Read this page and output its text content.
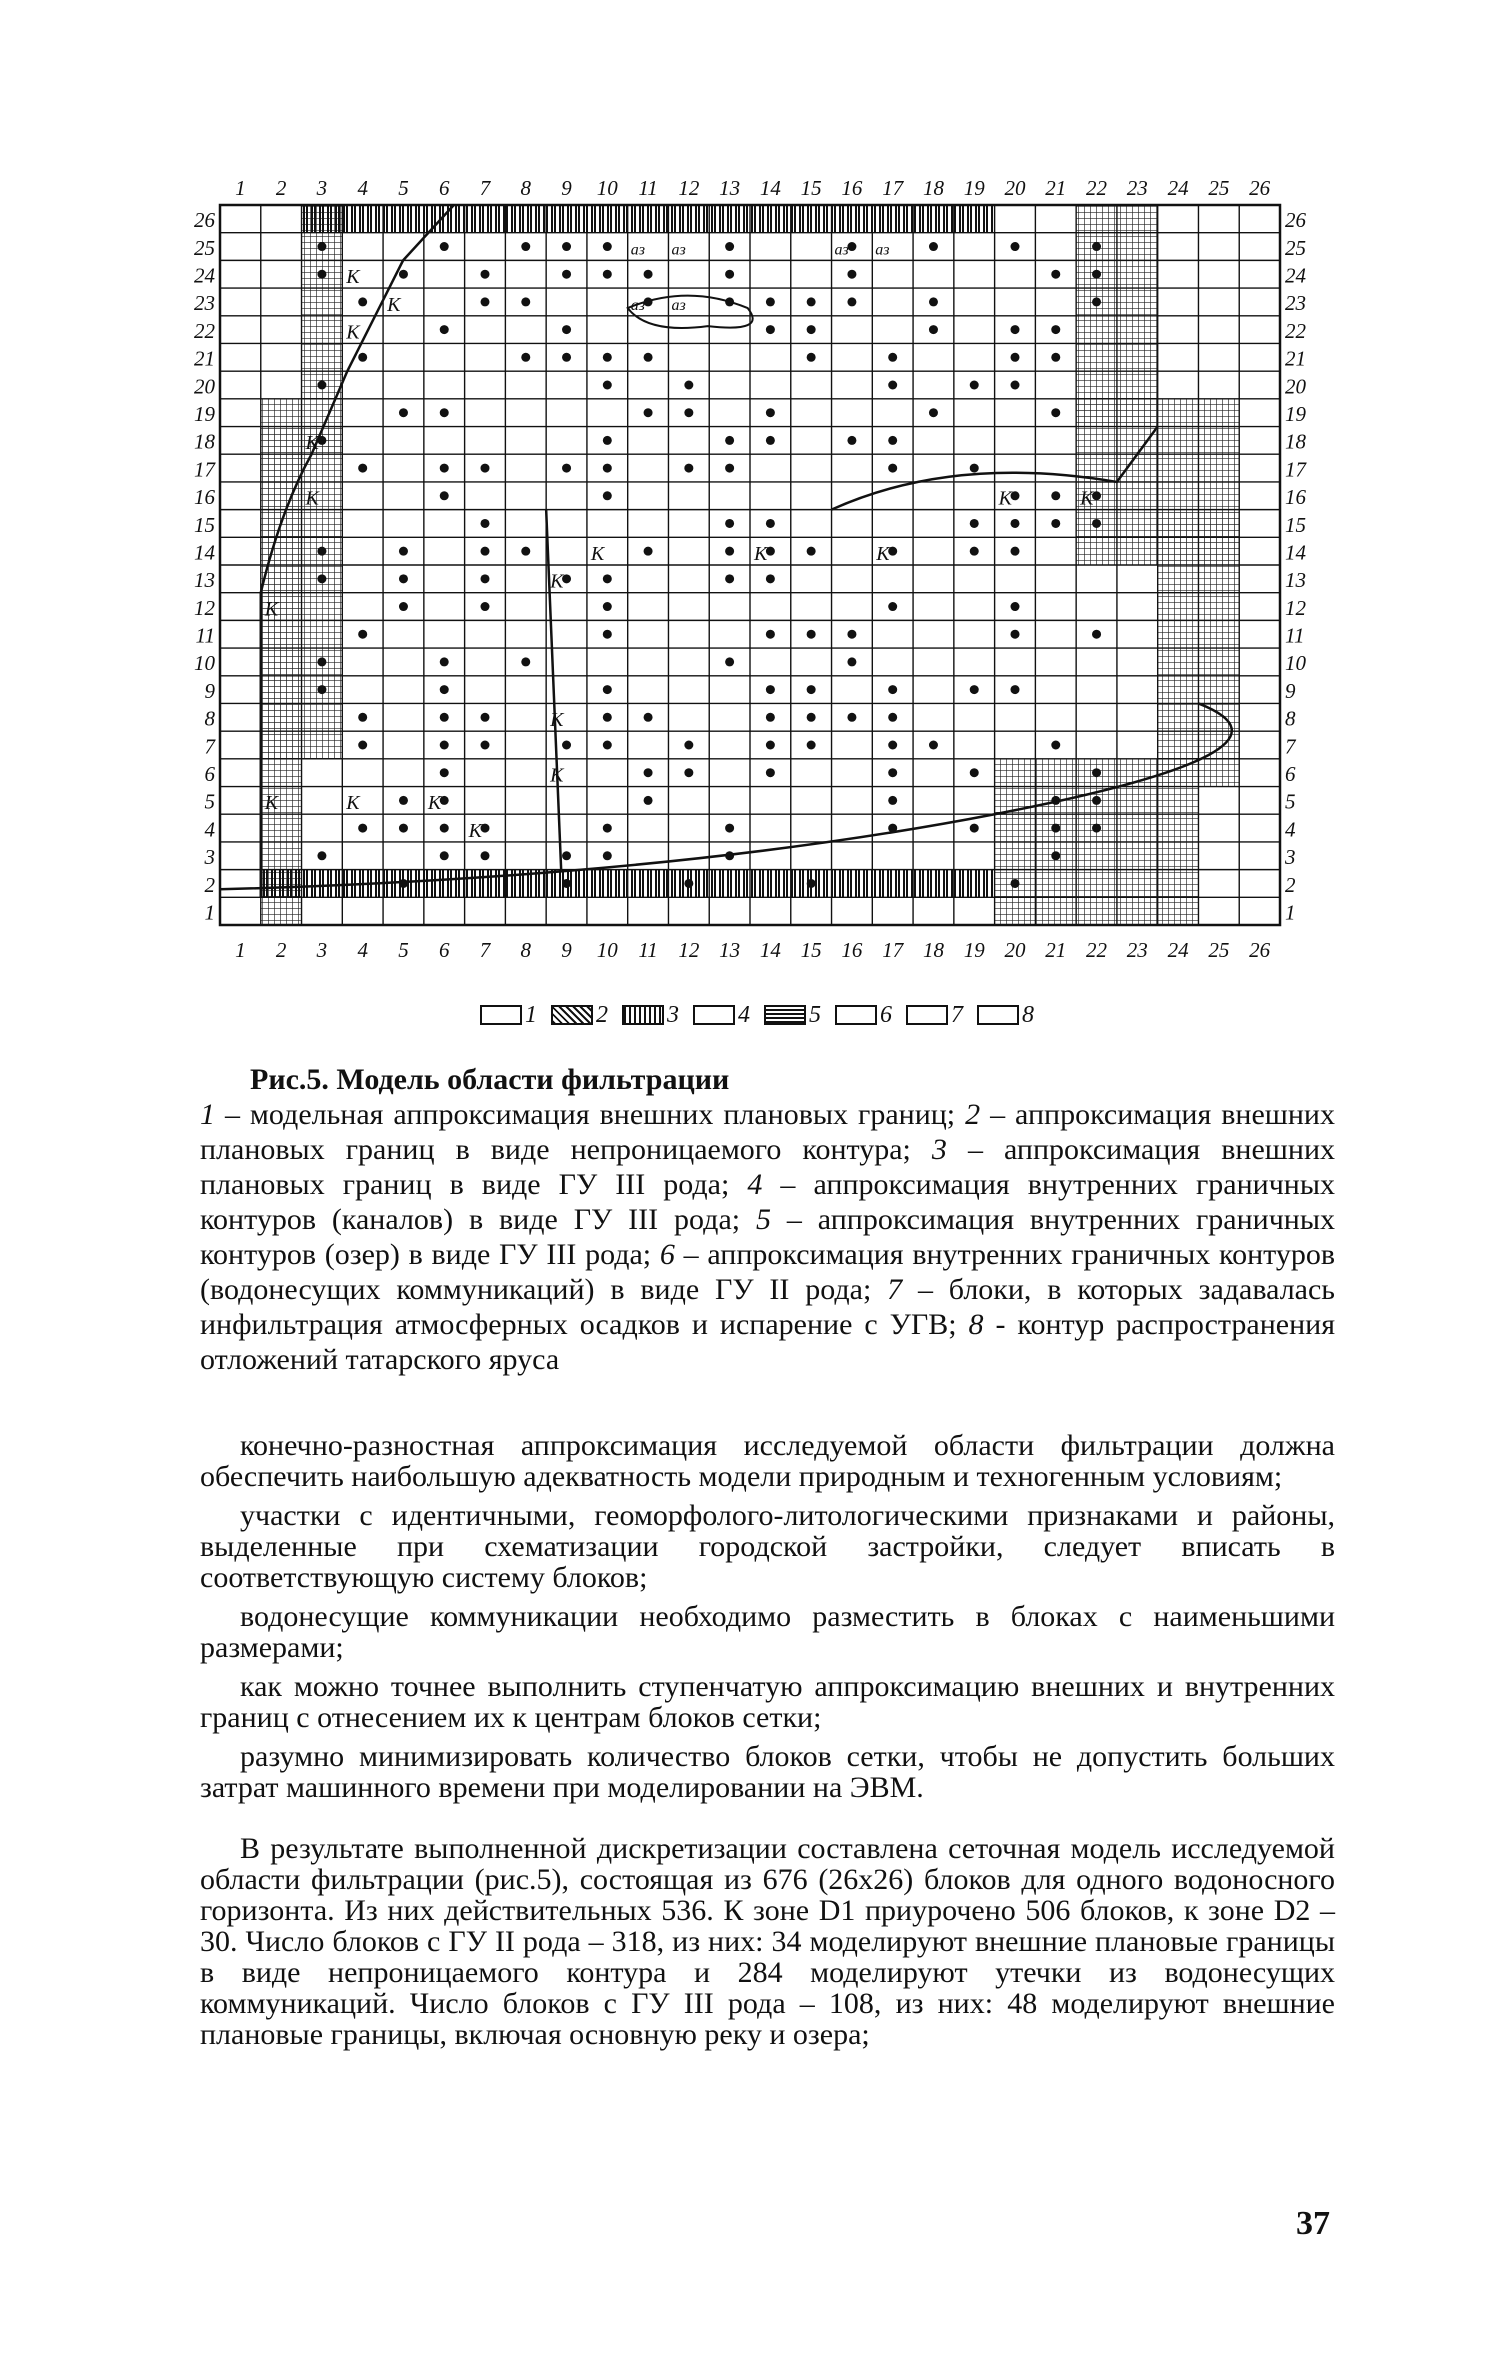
К
К
К
К
К
К
К	К	К
К
К
К
К
К	К	К
К	К
аз аз	аз аз
аз аз
1 2 3 4 5 6 7 8 9 10 11 12 13 14 15 16 17 18 19 20 21 22 23 24 25 26
1 2 3 4 5 6 7 8 9 10 11 12 13 14 15 16 17 18 19 20 21 22 23 24 25 26
26
25
24
23
22
21
20
19
18
17
16
15
14
13
12
11
10
9
8
7
6
5
4
3
2
1
26
25
24
23
22
21
20
19
18
17
16
15
14
13
12
11
10
9
8
7
6
5
4
3
2
1
1 2 3 4 5 6 7 8
Рис.5. Модель области фильтрации
1 – модельная аппроксимация внешних плановых границ; 2 – аппроксимация внешних плановых границ в виде непроницаемого контура; 3 – аппроксимация внешних плановых границ в виде ГУ III рода; 4 – аппроксимация внутренних граничных контуров (каналов) в виде ГУ III рода; 5 – аппроксимация внутренних граничных контуров (озер) в виде ГУ III рода; 6 – аппроксимация внутренних граничных контуров (водонесущих коммуникаций) в виде ГУ II рода; 7 – блоки, в которых задавалась инфильтрация атмосферных осадков и испарение с УГВ; 8 - контур распространения отложений татарского яруса

конечно-разностная аппроксимация исследуемой области фильтрации должна обеспечить наибольшую адекватность модели природным и техногенным условиям;

участки с идентичными, геоморфолого-литологическими признаками и районы, выделенные при схематизации городской застройки, следует вписать в соответствующую систему блоков;

водонесущие коммуникации необходимо разместить в блоках с наименьшими размерами;

как можно точнее выполнить ступенчатую аппроксимацию внешних и внутренних границ с отнесением их к центрам блоков сетки;

разумно минимизировать количество блоков сетки, чтобы не допустить больших затрат машинного времени при моделировании на ЭВМ.

В результате выполненной дискретизации составлена сеточная модель исследуемой области фильтрации (рис.5), состоящая из 676 (26х26) блоков для одного водоносного горизонта. Из них действительных 536. К зоне D1 приурочено 506 блоков, к зоне D2 – 30. Число блоков с ГУ II рода – 318, из них: 34 моделируют внешние плановые границы в виде непроницаемого контура и 284 моделируют утечки из водонесущих коммуникаций. Число блоков с ГУ III рода – 108, из них: 48 моделируют внешние плановые границы, включая основную реку и озера;

37
